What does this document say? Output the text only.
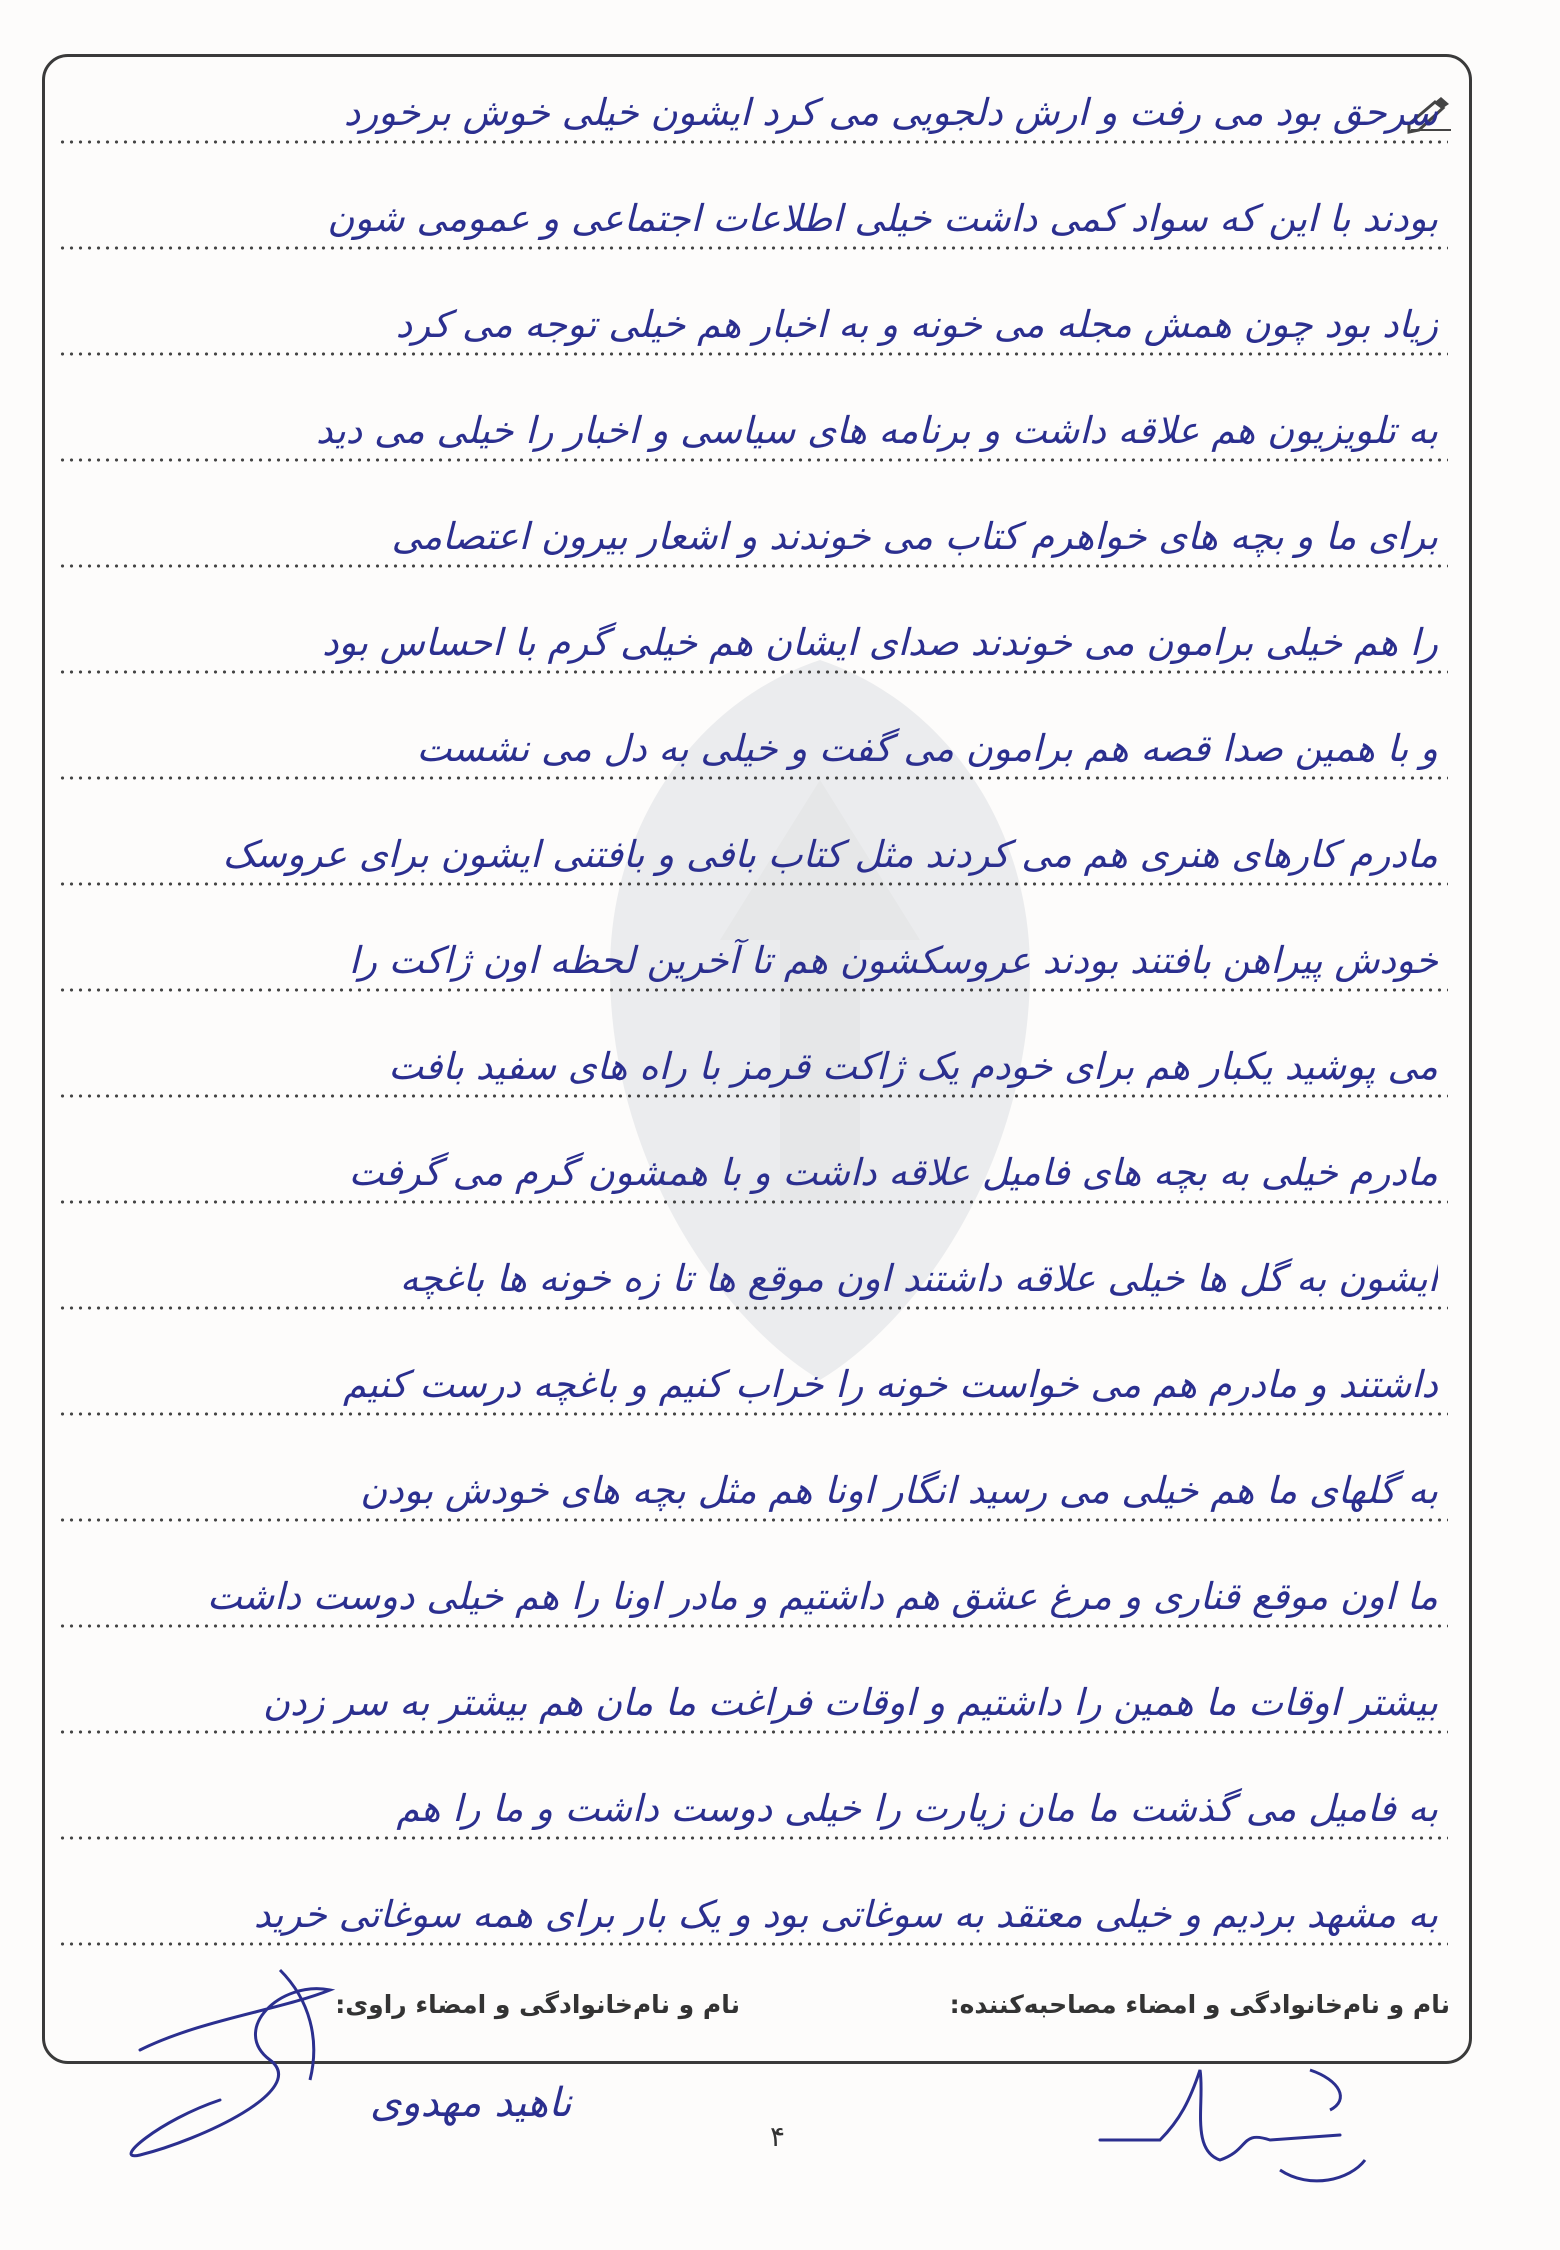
سرحق بود می رفت و ارش دلجویی می کرد ایشون خیلی خوش برخورد
بودند با این که سواد کمی داشت خیلی اطلاعات اجتماعی و عمومی شون
زیاد بود چون همش مجله می خونه و به اخبار هم خیلی توجه می کرد
به تلویزیون هم علاقه داشت و برنامه های سیاسی و اخبار را خیلی می دید
برای ما و بچه های خواهرم کتاب می خوندند و اشعار بیرون اعتصامی
را هم خیلی برامون می خوندند صدای ایشان هم خیلی گرم با احساس بود
و با همین صدا قصه هم برامون می گفت و خیلی به دل می نشست
مادرم کارهای هنری هم می کردند مثل کتاب بافی و بافتنی ایشون برای عروسک
خودش پیراهن بافتند بودند عروسکشون هم تا آخرین لحظه اون ژاکت را
می پوشید یکبار هم برای خودم یک ژاکت قرمز با راه های سفید بافت
مادرم خیلی به بچه های فامیل علاقه داشت و با همشون گرم می گرفت
ایشون به گل ها خیلی علاقه داشتند اون موقع ها تا زه خونه ها باغچه
داشتند و مادرم هم می خواست خونه را خراب کنیم و باغچه درست کنیم
به گلهای ما هم خیلی می رسید انگار اونا هم مثل بچه های خودش بودن
ما اون موقع قناری و مرغ عشق هم داشتیم و مادر اونا را هم خیلی دوست داشت
بیشتر اوقات ما همین را داشتیم و اوقات فراغت ما مان هم بیشتر به سر زدن
به فامیل می گذشت ما مان زیارت را خیلی دوست داشت و ما را هم
به مشهد بردیم و خیلی معتقد به سوغاتی بود و یک بار برای همه سوغاتی خرید
نام و نام‌خانوادگی و امضاء مصاحبه‌کننده:
نام و نام‌خانوادگی و امضاء راوی:
ناهید مهدوی
۴
